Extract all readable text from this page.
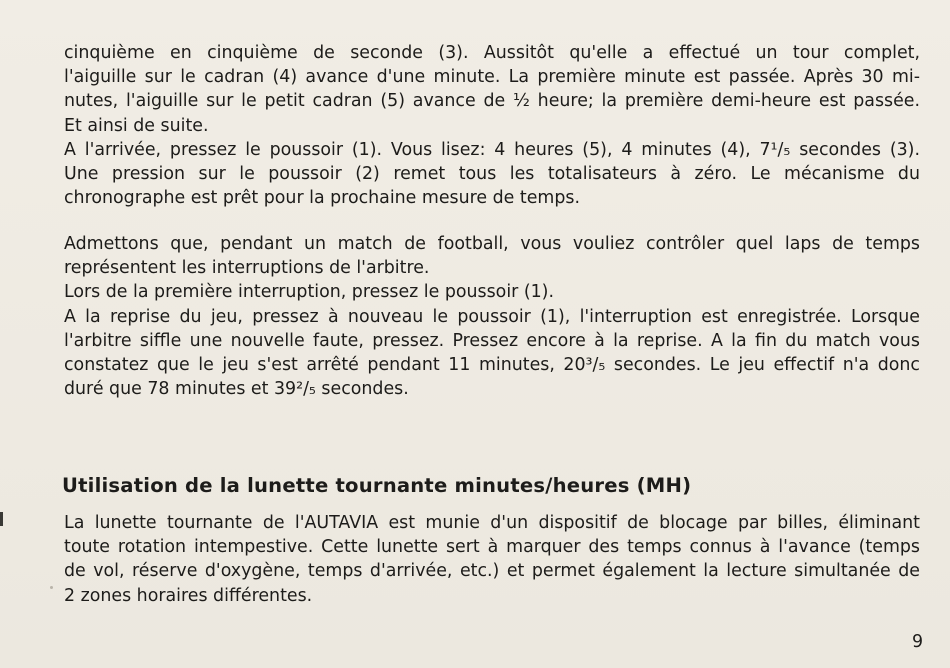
cinquième en cinquième de seconde (3). Aussitôt qu'elle a effectué un tour complet,
l'aiguille sur le cadran (4) avance d'une minute. La première minute est passée. Après 30 mi-
nutes, l'aiguille sur le petit cadran (5) avance de ½ heure; la première demi-heure est passée.
Et ainsi de suite.
A l'arrivée, pressez le poussoir (1). Vous lisez: 4 heures (5), 4 minutes (4), 7¹/₅ secondes (3).
Une pression sur le poussoir (2) remet tous les totalisateurs à zéro. Le mécanisme du
chronographe est prêt pour la prochaine mesure de temps.
Admettons que, pendant un match de football, vous vouliez contrôler quel laps de temps
représentent les interruptions de l'arbitre.
Lors de la première interruption, pressez le poussoir (1).
A la reprise du jeu, pressez à nouveau le poussoir (1), l'interruption est enregistrée. Lorsque
l'arbitre siffle une nouvelle faute, pressez. Pressez encore à la reprise. A la fin du match vous
constatez que le jeu s'est arrêté pendant 11 minutes, 20³/₅ secondes. Le jeu effectif n'a donc
duré que 78 minutes et 39²/₅ secondes.
Utilisation de la lunette tournante minutes/heures (MH)
La lunette tournante de l'AUTAVIA est munie d'un dispositif de blocage par billes, éliminant
toute rotation intempestive. Cette lunette sert à marquer des temps connus à l'avance (temps
de vol, réserve d'oxygène, temps d'arrivée, etc.) et permet également la lecture simultanée de
2 zones horaires différentes.
9
